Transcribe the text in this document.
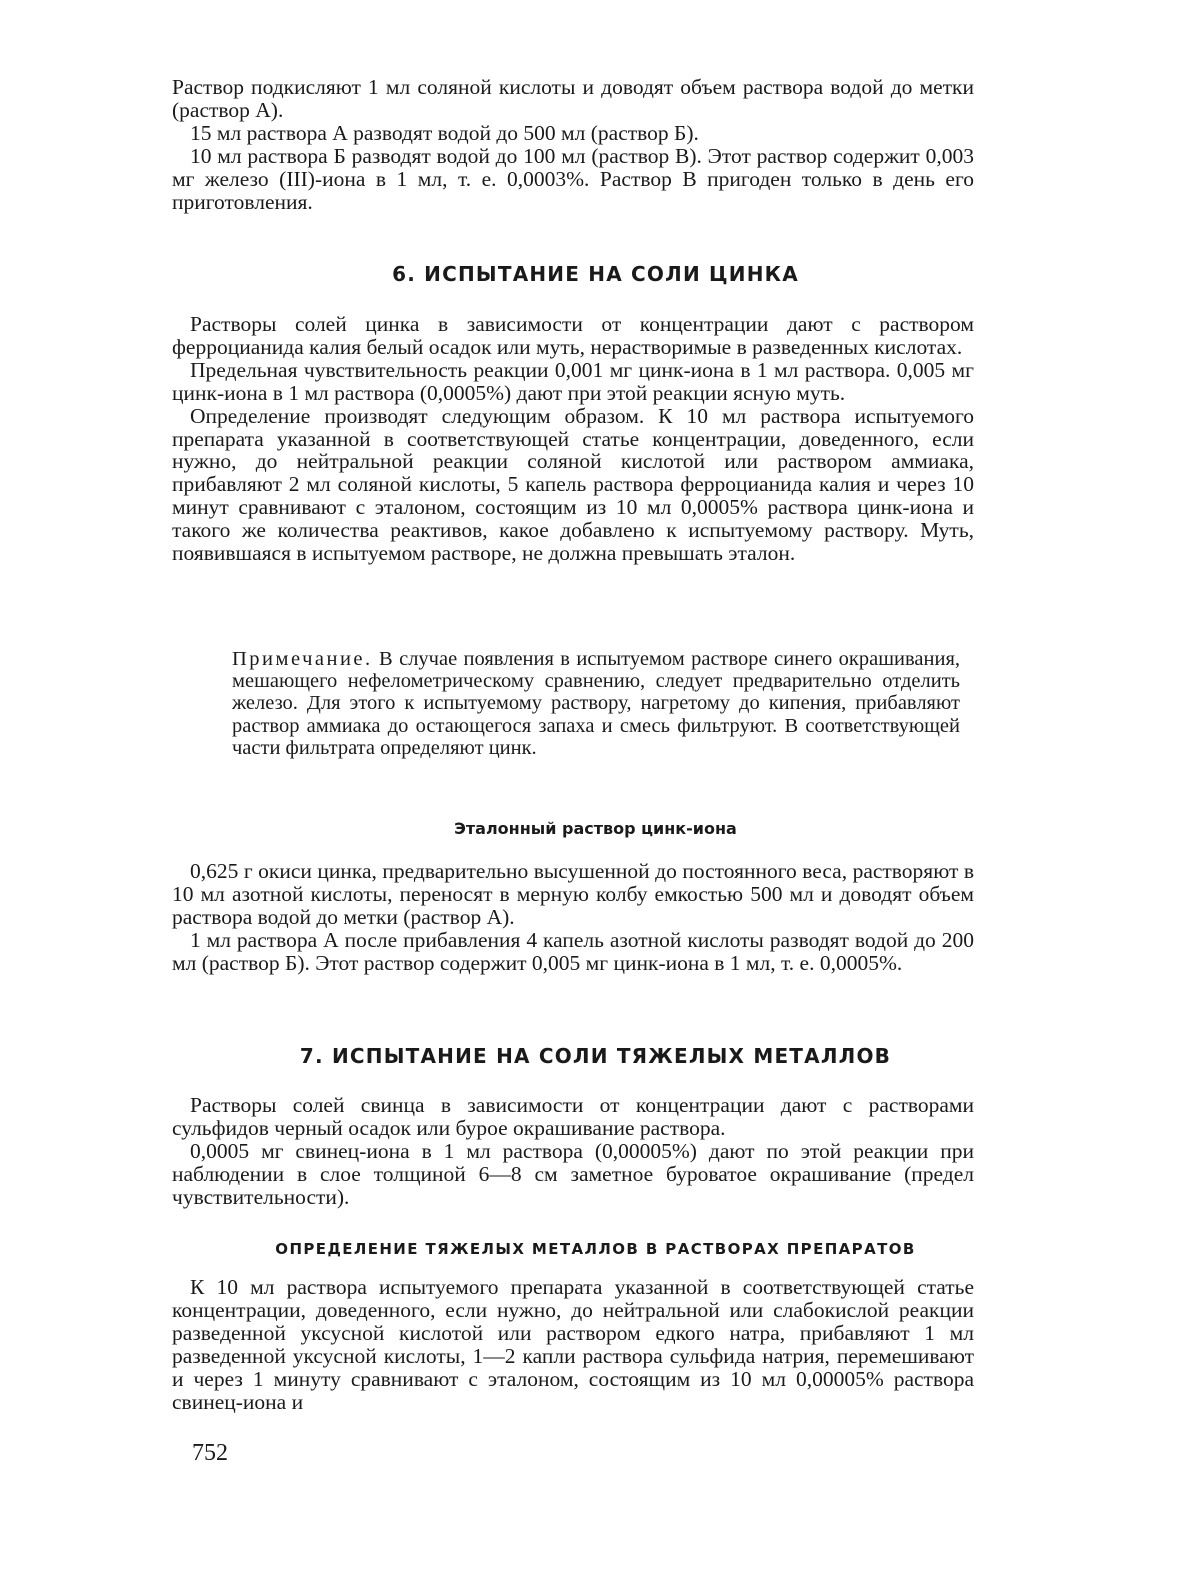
Раствор подкисляют 1 мл соляной кислоты и доводят объем раствора водой до метки (раствор А).

15 мл раствора А разводят водой до 500 мл (раствор Б).

10 мл раствора Б разводят водой до 100 мл (раствор В). Этот раствор содержит 0,003 мг железо (III)-иона в 1 мл, т. е. 0,0003%. Раствор В пригоден только в день его приготовления.

6. ИСПЫТАНИЕ НА СОЛИ ЦИНКА

Растворы солей цинка в зависимости от концентрации дают с раствором ферроцианида калия белый осадок или муть, нерастворимые в разведенных кислотах.

Предельная чувствительность реакции 0,001 мг цинк-иона в 1 мл раствора. 0,005 мг цинк-иона в 1 мл раствора (0,0005%) дают при этой реакции ясную муть.

Определение производят следующим образом. К 10 мл раствора испытуемого препарата указанной в соответствующей статье концентрации, доведенного, если нужно, до нейтральной реакции соляной кислотой или раствором аммиака, прибавляют 2 мл соляной кислоты, 5 капель раствора ферроцианида калия и через 10 минут сравнивают с эталоном, состоящим из 10 мл 0,0005% раствора цинк-иона и такого же количества реактивов, какое добавлено к испытуемому раствору. Муть, появившаяся в испытуемом растворе, не должна превышать эталон.

Примечание. В случае появления в испытуемом растворе синего окрашивания, мешающего нефелометрическому сравнению, следует предварительно отделить железо. Для этого к испытуемому раствору, нагретому до кипения, прибавляют раствор аммиака до остающегося запаха и смесь фильтруют. В соответствующей части фильтрата определяют цинк.

Эталонный раствор цинк-иона

0,625 г окиси цинка, предварительно высушенной до постоянного веса, растворяют в 10 мл азотной кислоты, переносят в мерную колбу емкостью 500 мл и доводят объем раствора водой до метки (раствор А).

1 мл раствора А после прибавления 4 капель азотной кислоты разводят водой до 200 мл (раствор Б). Этот раствор содержит 0,005 мг цинк-иона в 1 мл, т. е. 0,0005%.

7. ИСПЫТАНИЕ НА СОЛИ ТЯЖЕЛЫХ МЕТАЛЛОВ

Растворы солей свинца в зависимости от концентрации дают с растворами сульфидов черный осадок или бурое окрашивание раствора.

0,0005 мг свинец-иона в 1 мл раствора (0,00005%) дают по этой реакции при наблюдении в слое толщиной 6—8 см заметное буроватое окрашивание (предел чувствительности).

ОПРЕДЕЛЕНИЕ ТЯЖЕЛЫХ МЕТАЛЛОВ В РАСТВОРАХ ПРЕПАРАТОВ

К 10 мл раствора испытуемого препарата указанной в соответствующей статье концентрации, доведенного, если нужно, до нейтральной или слабокислой реакции разведенной уксусной кислотой или раствором едкого натра, прибавляют 1 мл разведенной уксусной кислоты, 1—2 капли раствора сульфида натрия, перемешивают и через 1 минуту сравнивают с эталоном, состоящим из 10 мл 0,00005% раствора свинец-иона и

752
